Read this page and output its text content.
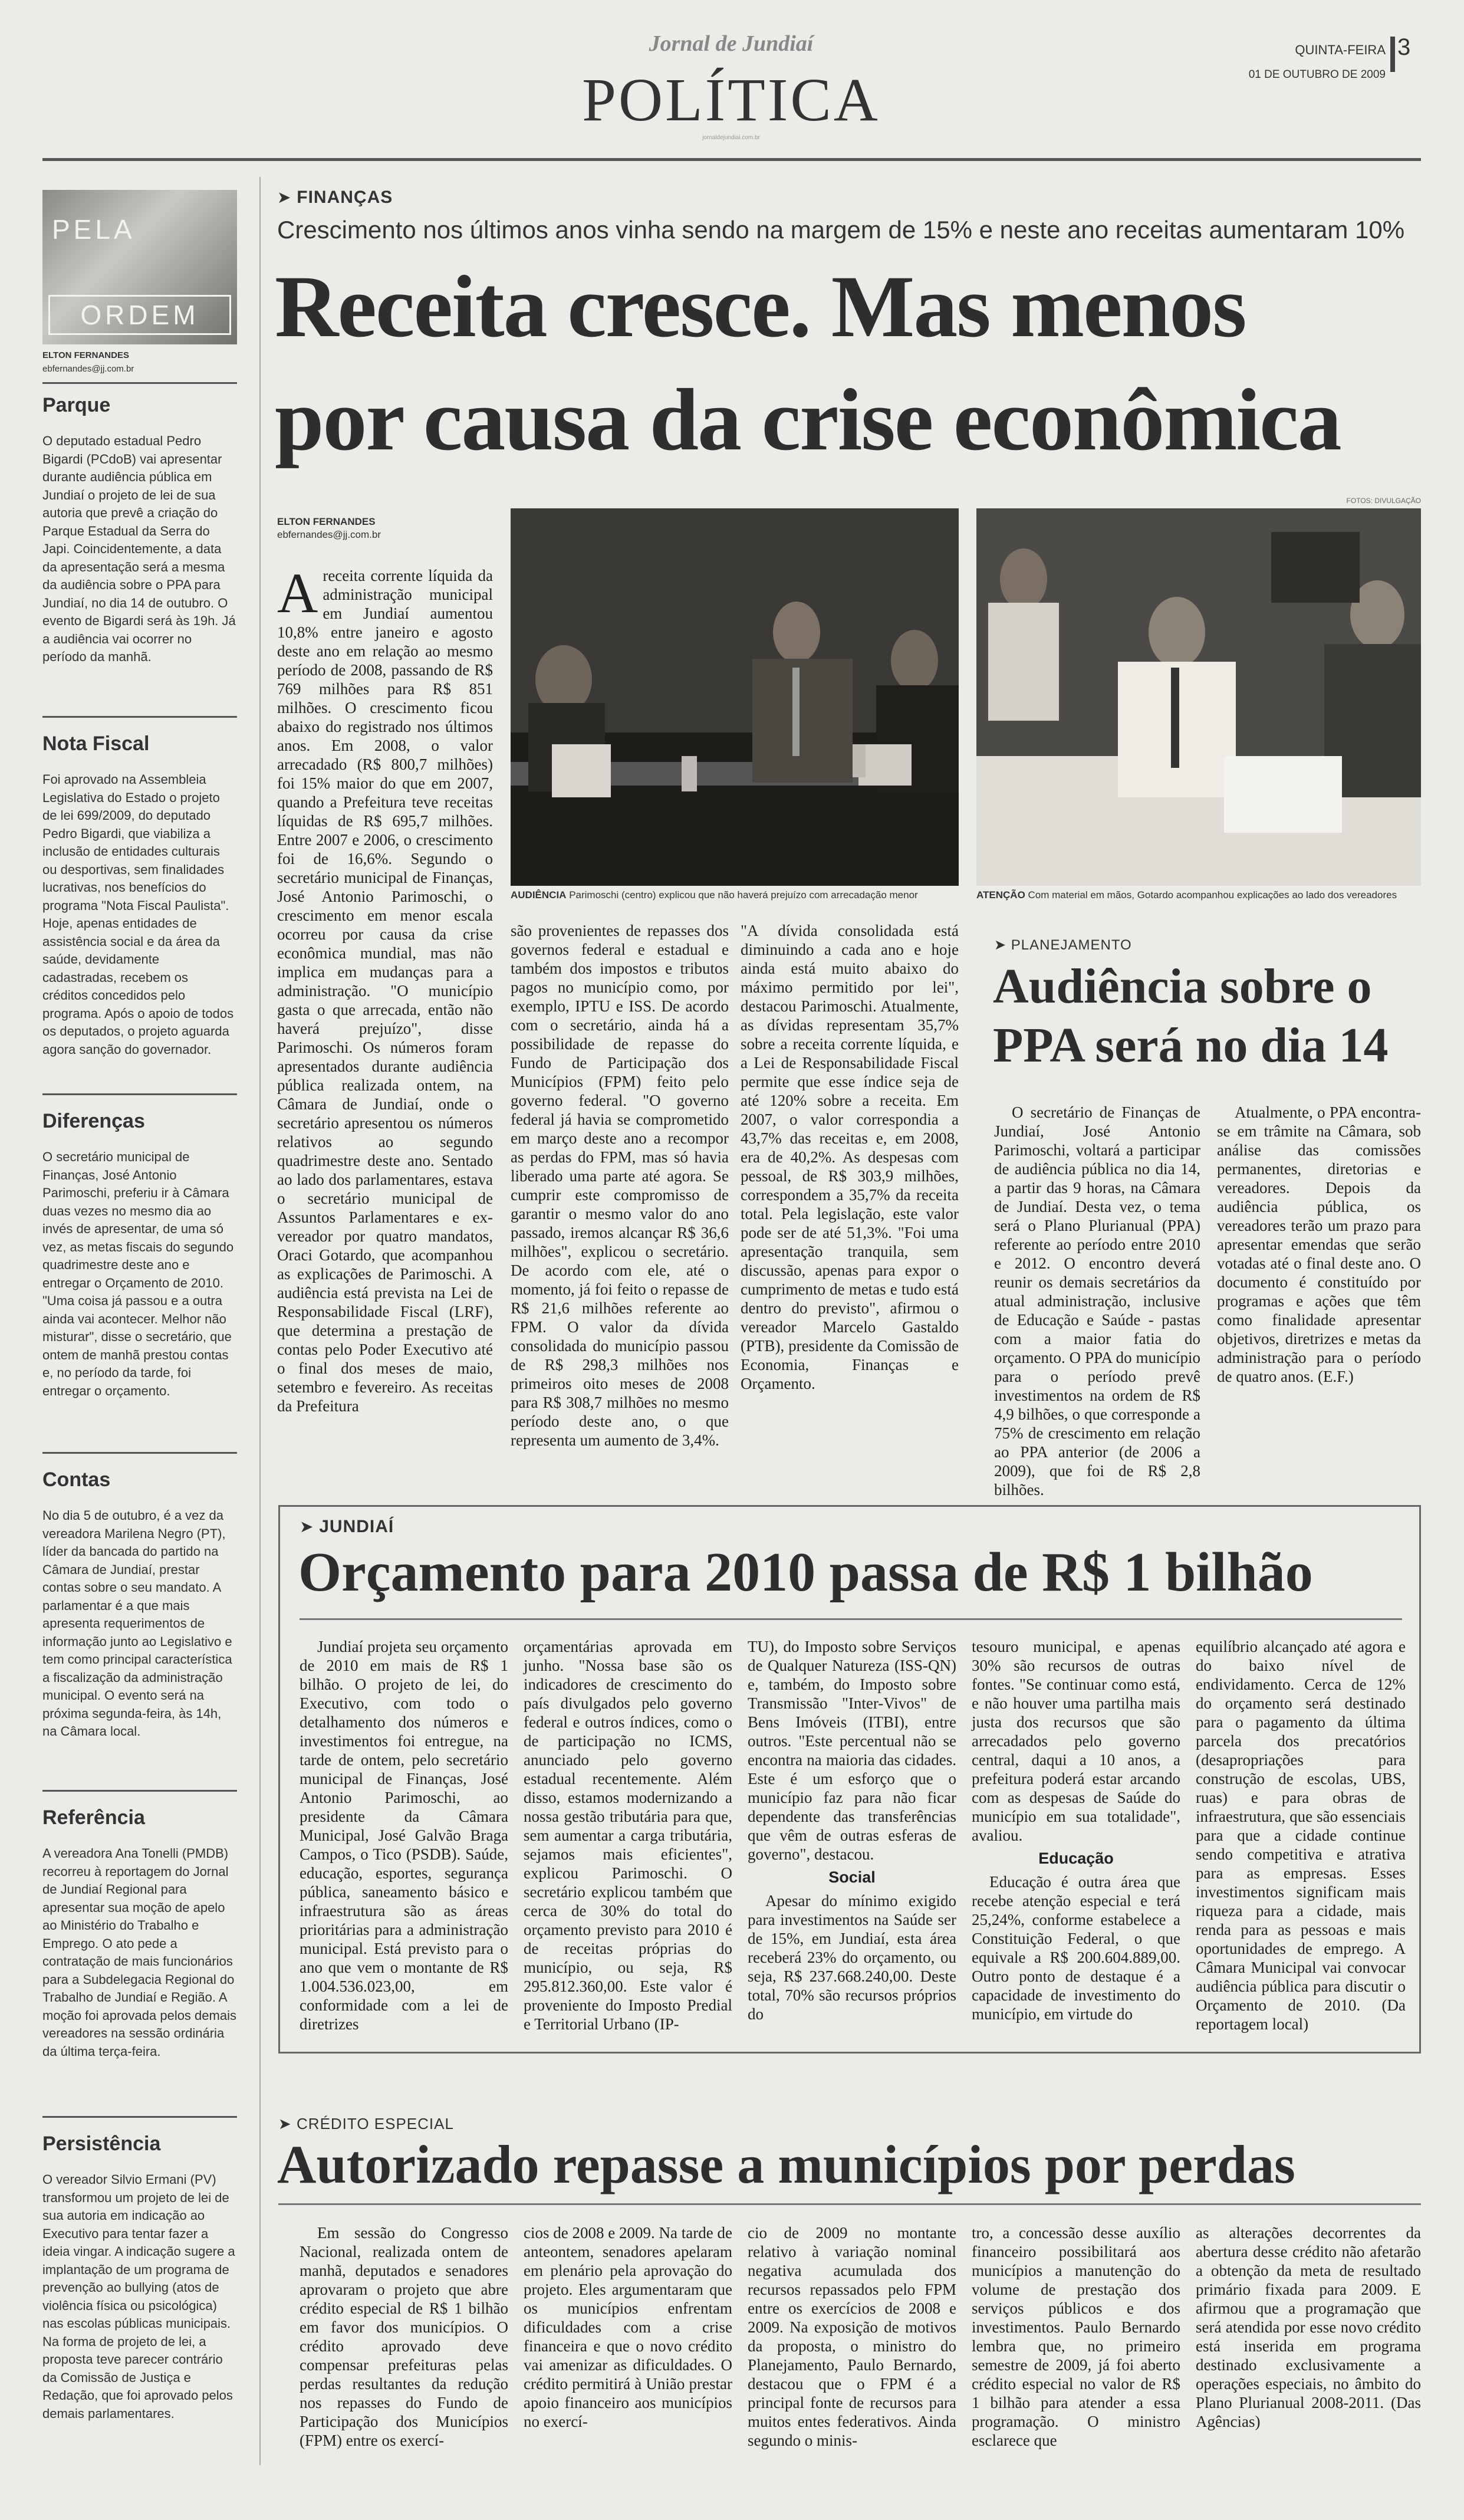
Jornal de Jundiaí
POLÍTICA
jornaldejundiai.com.br
QUINTA-FEIRA
01 DE OUTUBRO DE 2009
3
PELA
ORDEM
ELTON FERNANDES
ebfernandes@jj.com.br
Parque
O deputado estadual Pedro Bigardi (PCdoB) vai apresentar durante audiência pública em Jundiaí o projeto de lei de sua autoria que prevê a criação do Parque Estadual da Serra do Japi. Coincidentemente, a data da apresentação será a mesma da audiência sobre o PPA para Jundiaí, no dia 14 de outubro. O evento de Bigardi será às 19h. Já a audiência vai ocorrer no período da manhã.
Nota Fiscal
Foi aprovado na Assembleia Legislativa do Estado o projeto de lei 699/2009, do deputado Pedro Bigardi, que viabiliza a inclusão de entidades culturais ou desportivas, sem finalidades lucrativas, nos benefícios do programa "Nota Fiscal Paulista". Hoje, apenas entidades de assistência social e da área da saúde, devidamente cadastradas, recebem os créditos concedidos pelo programa. Após o apoio de todos os deputados, o projeto aguarda agora sanção do governador.
Diferenças
O secretário municipal de Finanças, José Antonio Parimoschi, preferiu ir à Câmara duas vezes no mesmo dia ao invés de apresentar, de uma só vez, as metas fiscais do segundo quadrimestre deste ano e entregar o Orçamento de 2010. "Uma coisa já passou e a outra ainda vai acontecer. Melhor não misturar", disse o secretário, que ontem de manhã prestou contas e, no período da tarde, foi entregar o orçamento.
Contas
No dia 5 de outubro, é a vez da vereadora Marilena Negro (PT), líder da bancada do partido na Câmara de Jundiaí, prestar contas sobre o seu mandato. A parlamentar é a que mais apresenta requerimentos de informação junto ao Legislativo e tem como principal característica a fiscalização da administração municipal. O evento será na próxima segunda-feira, às 14h, na Câmara local.
Referência
A vereadora Ana Tonelli (PMDB) recorreu à reportagem do Jornal de Jundiaí Regional para apresentar sua moção de apelo ao Ministério do Trabalho e Emprego. O ato pede a contratação de mais funcionários para a Subdelegacia Regional do Trabalho de Jundiaí e Região. A moção foi aprovada pelos demais vereadores na sessão ordinária da última terça-feira.
Persistência
O vereador Silvio Ermani (PV) transformou um projeto de lei de sua autoria em indicação ao Executivo para tentar fazer a ideia vingar. A indicação sugere a implantação de um programa de prevenção ao bullying (atos de violência física ou psicológica) nas escolas públicas municipais. Na forma de projeto de lei, a proposta teve parecer contrário da Comissão de Justiça e Redação, que foi aprovado pelos demais parlamentares.
➤ FINANÇAS
Crescimento nos últimos anos vinha sendo na margem de 15% e neste ano receitas aumentaram 10%
Receita cresce. Mas menos
por causa da crise econômica
ELTON FERNANDES
ebfernandes@jj.com.br
FOTOS: DIVULGAÇÃO
AUDIÊNCIA Parimoschi (centro) explicou que não haverá prejuízo com arrecadação menor	ATENÇÃO Com material em mãos, Gotardo acompanhou explicações ao lado dos vereadores
Areceita corrente líquida da administração municipal em Jundiaí aumentou 10,8% entre janeiro e agosto deste ano em relação ao mesmo período de 2008, passando de R$ 769 milhões para R$ 851 milhões. O crescimento ficou abaixo do registrado nos últimos anos. Em 2008, o valor arrecadado (R$ 800,7 milhões) foi 15% maior do que em 2007, quando a Prefeitura teve receitas líquidas de R$ 695,7 milhões. Entre 2007 e 2006, o crescimento foi de 16,6%. Segundo o secretário municipal de Finanças, José Antonio Parimoschi, o crescimento em menor escala ocorreu por causa da crise econômica mundial, mas não implica em mudanças para a administração. "O município gasta o que arrecada, então não haverá prejuízo", disse Parimoschi. Os números foram apresentados durante audiência pública realizada ontem, na Câmara de Jundiaí, onde o secretário apresentou os números relativos ao segundo quadrimestre deste ano. Sentado ao lado dos parlamentares, estava o secretário municipal de Assuntos Parlamentares e ex-vereador por quatro mandatos, Oraci Gotardo, que acompanhou as explicações de Parimoschi. A audiência está prevista na Lei de Responsabilidade Fiscal (LRF), que determina a prestação de contas pelo Poder Executivo até o final dos meses de maio, setembro e fevereiro. As receitas da Prefeitura
são provenientes de repasses dos governos federal e estadual e também dos impostos e tributos pagos no município como, por exemplo, IPTU e ISS. De acordo com o secretário, ainda há a possibilidade de repasse do Fundo de Participação dos Municípios (FPM) feito pelo governo federal. "O governo federal já havia se comprometido em março deste ano a recompor as perdas do FPM, mas só havia liberado uma parte até agora. Se cumprir este compromisso de garantir o mesmo valor do ano passado, iremos alcançar R$ 36,6 milhões", explicou o secretário. De acordo com ele, até o momento, já foi feito o repasse de R$ 21,6 milhões referente ao FPM. O valor da dívida consolidada do município passou de R$ 298,3 milhões nos primeiros oito meses de 2008 para R$ 308,7 milhões no mesmo período deste ano, o que representa um aumento de 3,4%.
"A dívida consolidada está diminuindo a cada ano e hoje ainda está muito abaixo do máximo permitido por lei", destacou Parimoschi. Atualmente, as dívidas representam 35,7% sobre a receita corrente líquida, e a Lei de Responsabilidade Fiscal permite que esse índice seja de até 120% sobre a receita. Em 2007, o valor correspondia a 43,7% das receitas e, em 2008, era de 40,2%. As despesas com pessoal, de R$ 303,9 milhões, correspondem a 35,7% da receita total. Pela legislação, este valor pode ser de até 51,3%. "Foi uma apresentação tranquila, sem discussão, apenas para expor o cumprimento de metas e tudo está dentro do previsto", afirmou o vereador Marcelo Gastaldo (PTB), presidente da Comissão de Economia, Finanças e Orçamento.
➤ PLANEJAMENTO
Audiência sobre o
PPA será no dia 14
O secretário de Finanças de Jundiaí, José Antonio Parimoschi, voltará a participar de audiência pública no dia 14, a partir das 9 horas, na Câmara de Jundiaí. Desta vez, o tema será o Plano Plurianual (PPA) referente ao período entre 2010 e 2012. O encontro deverá reunir os demais secretários da atual administração, inclusive de Educação e Saúde - pastas com a maior fatia do orçamento. O PPA do município para o período prevê investimentos na ordem de R$ 4,9 bilhões, o que corresponde a 75% de crescimento em relação ao PPA anterior (de 2006 a 2009), que foi de R$ 2,8 bilhões.
Atualmente, o PPA encontra-se em trâmite na Câmara, sob análise das comissões permanentes, diretorias e vereadores. Depois da audiência pública, os vereadores terão um prazo para apresentar emendas que serão votadas até o final deste ano. O documento é constituído por programas e ações que têm como finalidade apresentar objetivos, diretrizes e metas da administração para o período de quatro anos. (E.F.)
➤ JUNDIAÍ
Orçamento para 2010 passa de R$ 1 bilhão
Jundiaí projeta seu orçamento de 2010 em mais de R$ 1 bilhão. O projeto de lei, do Executivo, com todo o detalhamento dos números e investimentos foi entregue, na tarde de ontem, pelo secretário municipal de Finanças, José Antonio Parimoschi, ao presidente da Câmara Municipal, José Galvão Braga Campos, o Tico (PSDB). Saúde, educação, esportes, segurança pública, saneamento básico e infraestrutura são as áreas prioritárias para a administração municipal. Está previsto para o ano que vem o montante de R$ 1.004.536.023,00, em conformidade com a lei de diretrizes
orçamentárias aprovada em junho. "Nossa base são os indicadores de crescimento do país divulgados pelo governo federal e outros índices, como o de participação no ICMS, anunciado pelo governo estadual recentemente. Além disso, estamos modernizando a nossa gestão tributária para que, sem aumentar a carga tributária, sejamos mais eficientes", explicou Parimoschi. O secretário explicou também que cerca de 30% do total do orçamento previsto para 2010 é de receitas próprias do município, ou seja, R$ 295.812.360,00. Este valor é proveniente do Imposto Predial e Territorial Urbano (IP-
TU), do Imposto sobre Serviços de Qualquer Natureza (ISS-QN) e, também, do Imposto sobre Transmissão "Inter-Vivos" de Bens Imóveis (ITBI), entre outros. "Este percentual não se encontra na maioria das cidades. Este é um esforço que o município faz para não ficar dependente das transferências que vêm de outras esferas de governo", destacou.
Social
Apesar do mínimo exigido para investimentos na Saúde ser de 15%, em Jundiaí, esta área receberá 23% do orçamento, ou seja, R$ 237.668.240,00. Deste total, 70% são recursos próprios do
tesouro municipal, e apenas 30% são recursos de outras fontes. "Se continuar como está, e não houver uma partilha mais justa dos recursos que são arrecadados pelo governo central, daqui a 10 anos, a prefeitura poderá estar arcando com as despesas de Saúde do município em sua totalidade", avaliou.
Educação
Educação é outra área que recebe atenção especial e terá 25,24%, conforme estabelece a Constituição Federal, o que equivale a R$ 200.604.889,00. Outro ponto de destaque é a capacidade de investimento do município, em virtude do
equilíbrio alcançado até agora e do baixo nível de endividamento. Cerca de 12% do orçamento será destinado para o pagamento da última parcela dos precatórios (desapropriações para construção de escolas, UBS, ruas) e para obras de infraestrutura, que são essenciais para que a cidade continue sendo competitiva e atrativa para as empresas. Esses investimentos significam mais riqueza para a cidade, mais renda para as pessoas e mais oportunidades de emprego. A Câmara Municipal vai convocar audiência pública para discutir o Orçamento de 2010. (Da reportagem local)
➤ CRÉDITO ESPECIAL
Autorizado repasse a municípios por perdas
Em sessão do Congresso Nacional, realizada ontem de manhã, deputados e senadores aprovaram o projeto que abre crédito especial de R$ 1 bilhão em favor dos municípios. O crédito aprovado deve compensar prefeituras pelas perdas resultantes da redução nos repasses do Fundo de Participação dos Municípios (FPM) entre os exercí-
cios de 2008 e 2009. Na tarde de anteontem, senadores apelaram em plenário pela aprovação do projeto. Eles argumentaram que os municípios enfrentam dificuldades com a crise financeira e que o novo crédito vai amenizar as dificuldades. O crédito permitirá à União prestar apoio financeiro aos municípios no exercí-
cio de 2009 no montante relativo à variação nominal negativa acumulada dos recursos repassados pelo FPM entre os exercícios de 2008 e 2009. Na exposição de motivos da proposta, o ministro do Planejamento, Paulo Bernardo, destacou que o FPM é a principal fonte de recursos para muitos entes federativos. Ainda segundo o minis-
tro, a concessão desse auxílio financeiro possibilitará aos municípios a manutenção do volume de prestação dos serviços públicos e dos investimentos. Paulo Bernardo lembra que, no primeiro semestre de 2009, já foi aberto crédito especial no valor de R$ 1 bilhão para atender a essa programação. O ministro esclarece que
as alterações decorrentes da abertura desse crédito não afetarão a obtenção da meta de resultado primário fixada para 2009. E afirmou que a programação que será atendida por esse novo crédito está inserida em programa destinado exclusivamente a operações especiais, no âmbito do Plano Plurianual 2008-2011. (Das Agências)
